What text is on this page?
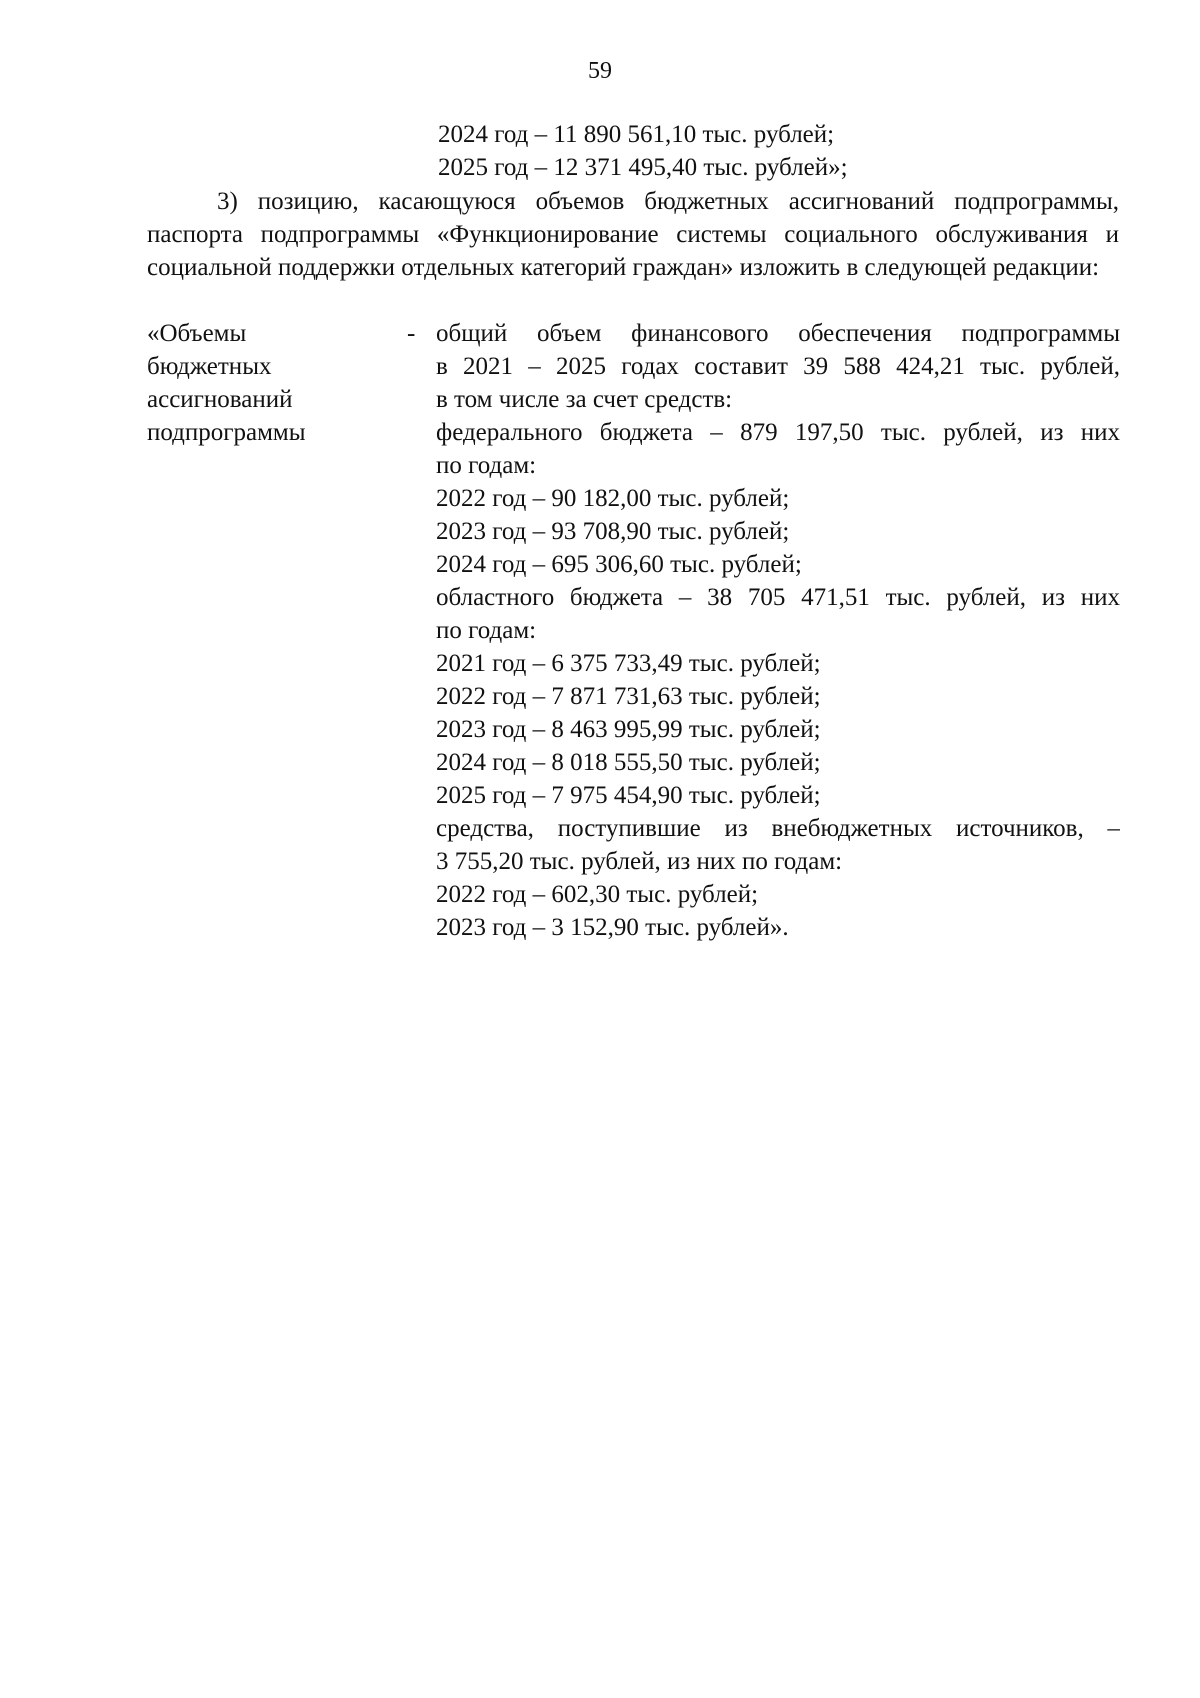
59
2024 год – 11 890 561,10 тыс. рублей;
2025 год – 12 371 495,40 тыс. рублей»;

3) позицию, касающуюся объемов бюджетных ассигнований подпрограммы, паспорта подпрограммы «Функционирование системы социального обслуживания и социальной поддержки отдельных категорий граждан» изложить в следующей редакции:

«Объемы
бюджетных
ассигнований
подпрограммы
- общий объем финансового обеспечения подпрограммы
в 2021 – 2025 годах составит 39 588 424,21 тыс. рублей,
в том числе за счет средств:
федерального бюджета – 879 197,50 тыс. рублей, из них
по годам:
2022 год – 90 182,00 тыс. рублей;
2023 год – 93 708,90 тыс. рублей;
2024 год – 695 306,60 тыс. рублей;
областного бюджета – 38 705 471,51 тыс. рублей, из них
по годам:
2021 год – 6 375 733,49 тыс. рублей;
2022 год – 7 871 731,63 тыс. рублей;
2023 год – 8 463 995,99 тыс. рублей;
2024 год – 8 018 555,50 тыс. рублей;
2025 год – 7 975 454,90 тыс. рублей;
средства, поступившие из внебюджетных источников, –
3 755,20 тыс. рублей, из них по годам:
2022 год – 602,30 тыс. рублей;
2023 год – 3 152,90 тыс. рублей».
